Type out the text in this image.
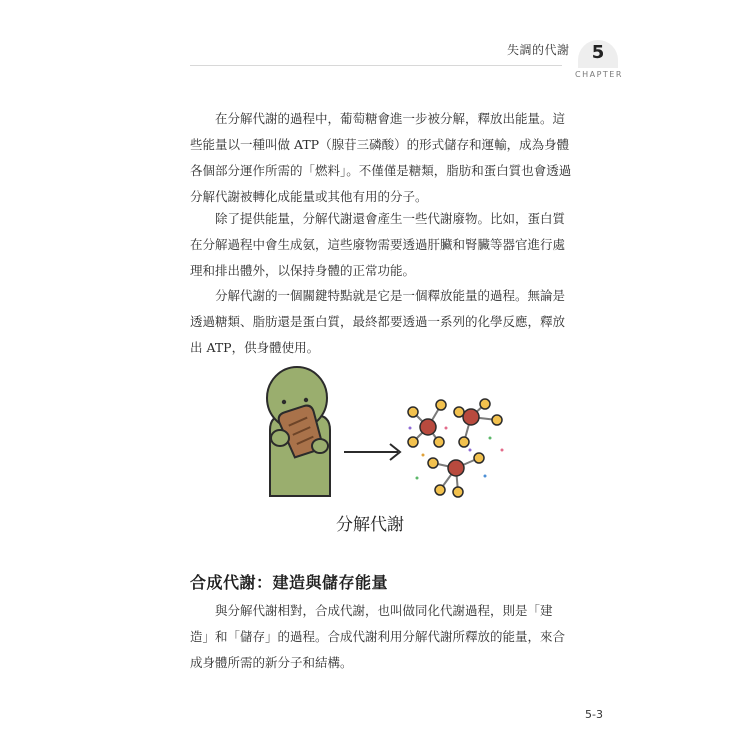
失調的代謝	5
CHAPTER

在分解代謝的過程中，葡萄糖會進一步被分解，釋放出能量。這
些能量以一種叫做 ATP（腺苷三磷酸）的形式儲存和運輸，成為身體
各個部分運作所需的「燃料」。不僅僅是糖類，脂肪和蛋白質也會透過
分解代謝被轉化成能量或其他有用的分子。

除了提供能量，分解代謝還會產生一些代謝廢物。比如，蛋白質
在分解過程中會生成氨，這些廢物需要透過肝臟和腎臟等器官進行處
理和排出體外，以保持身體的正常功能。

分解代謝的一個關鍵特點就是它是一個釋放能量的過程。無論是
透過糖類、脂肪還是蛋白質，最終都要透過一系列的化學反應，釋放
出 ATP，供身體使用。

分解代謝
合成代謝：建造與儲存能量

與分解代謝相對，合成代謝，也叫做同化代謝過程，則是「建
造」和「儲存」的過程。合成代謝利用分解代謝所釋放的能量，來合
成身體所需的新分子和結構。

5-3
